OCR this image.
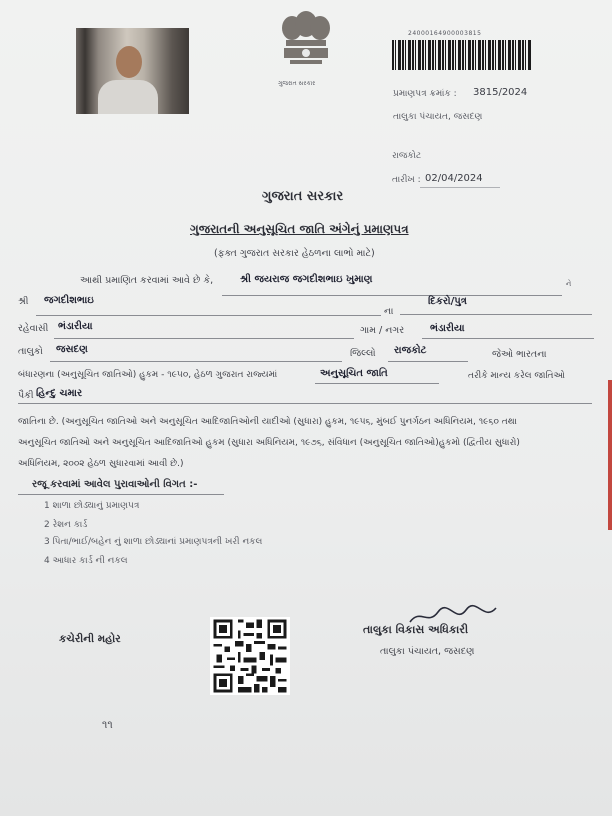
ગુજરાત સરકાર
24000164900003815
પ્રમાણપત્ર ક્રમાંક : 3815/2024
તાલુકા પંચાયત, જસદણ
રાજકોટ
તારીખ : 02/04/2024
ગુજરાત સરકાર
ગુજરાતની અનુસૂચિત જાતિ અંગેનું પ્રમાણપત્ર
(ફક્ત ગુજરાત સરકાર હેઠળના લાભો માટે)
આથી પ્રમાણિત કરવામાં આવે છે કે,	શ્રી જયરાજ જગદીશભાઇ ખુમાણ	ને
શ્રી જગદીશભાઇ
ના
દિકરો/પુત્ર
રહેવાસી ભંડારીયા	ગામ / નગર	ભંડારીયા
તાલુકો જસદણ	જિલ્લો રાજકોટ	જેઓ ભારતના
બંધારણના (અનુસૂચિત જાતિઓ) હુકમ - ૧૯૫૦, હેઠળ ગુજરાત રાજ્યમાં	અનુસૂચિત જાતિ	તરીકે માન્ય કરેલ જાતિઓ
પૈકી હિન્દુ ચમાર
જાતિના છે. (અનુસૂચિત જાતિઓ અને અનુસૂચિત આદિજાતિઓની યાદીઓ (સુધારા) હુકમ, ૧૯૫૬, મુંબઈ પુનર્ગઠન અધિનિયમ, ૧૯૬૦ તથા
અનુસૂચિત જાતિઓ અને અનુસૂચિત આદિજાતિઓ હુકમ (સુધારા અધિનિયમ, ૧૯૭૬, સંવિધાન (અનુસૂચિત જાતિઓ)હુકમો (દ્વિતીય સુધારો)
અધિનિયમ, ૨૦૦૨ હેઠળ સુધારવામાં આવી છે.)
રજૂ કરવામાં આવેલ પુરાવાઓની વિગત :-
1 શાળા છોડ્યાનું પ્રમાણપત્ર
2 રેશન કાર્ડ
3 પિતા/ભાઈ/બહેન નું શાળા છોડ્યાનાં પ્રમાણપત્રની ખરી નકલ
4 આધાર કાર્ડ ની નકલ
કચેરીની મહોર
તાલુકા વિકાસ અધિકારી
તાલુકા પંચાયત, જસદણ
૧૧
